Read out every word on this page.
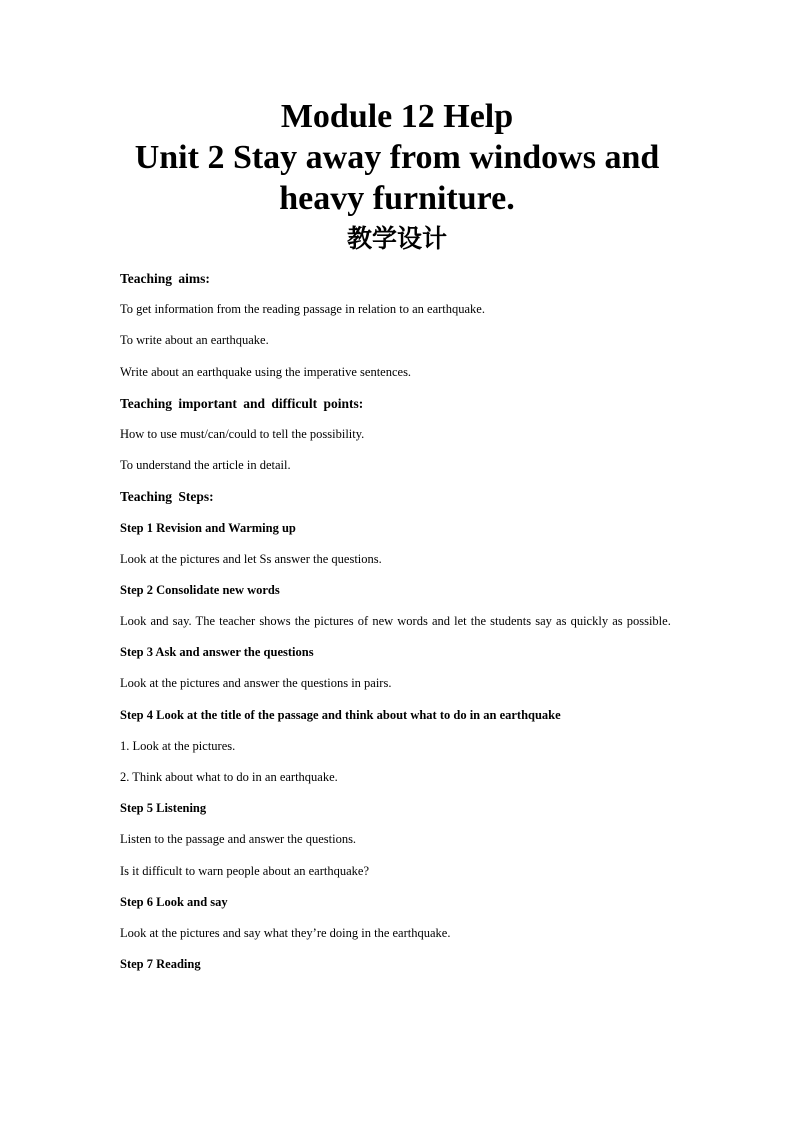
Module 12 Help
Unit 2 Stay away from windows and
heavy furniture.
教学设计
Teaching aims:
To get information from the reading passage in relation to an earthquake.
To write about an earthquake.
Write about an earthquake using the imperative sentences.
Teaching important and difficult points:
How to use must/can/could to tell the possibility.
To understand the article in detail.
Teaching Steps:
Step 1 Revision and Warming up
Look at the pictures and let Ss answer the questions.
Step 2 Consolidate new words
Look and say. The teacher shows the pictures of new words and let the students say as quickly as possible.
Step 3 Ask and answer the questions
Look at the pictures and answer the questions in pairs.
Step 4 Look at the title of the passage and think about what to do in an earthquake
1. Look at the pictures.
2. Think about what to do in an earthquake.
Step 5 Listening
Listen to the passage and answer the questions.
Is it difficult to warn people about an earthquake?
Step 6 Look and say
Look at the pictures and say what they’re doing in the earthquake.
Step 7 Reading
